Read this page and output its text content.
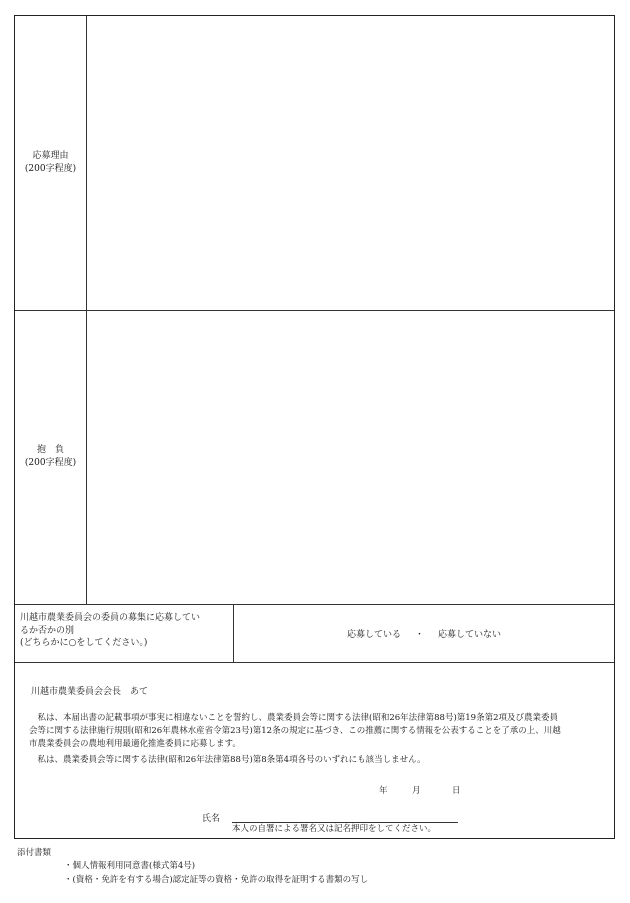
応募理由
(200字程度)
抱　負
(200字程度)
川越市農業委員会の委員の募集に応募してい
るか否かの別
(どちらかに○をしてください。)
応募している ・ 応募していない
川越市農業委員会会長　あて

私は、本届出書の記載事項が事実に相違ないことを誓約し、農業委員会等に関する法律(昭和26年法律第88号)第19条第2項及び農業委員会等に関する法律施行規則(昭和26年農林水産省令第23号)第12条の規定に基づき、この推薦に関する情報を公表することを了承の上、川越市農業委員会の農地利用最適化推進委員に応募します。

私は、農業委員会等に関する法律(昭和26年法律第88号)第8条第4項各号のいずれにも該当しません。

年	月	日
氏名
本人の自署による署名又は記名押印をしてください。
添付書類
・個人情報利用同意書(様式第4号)
・(資格・免許を有する場合)認定証等の資格・免許の取得を証明する書類の写し
